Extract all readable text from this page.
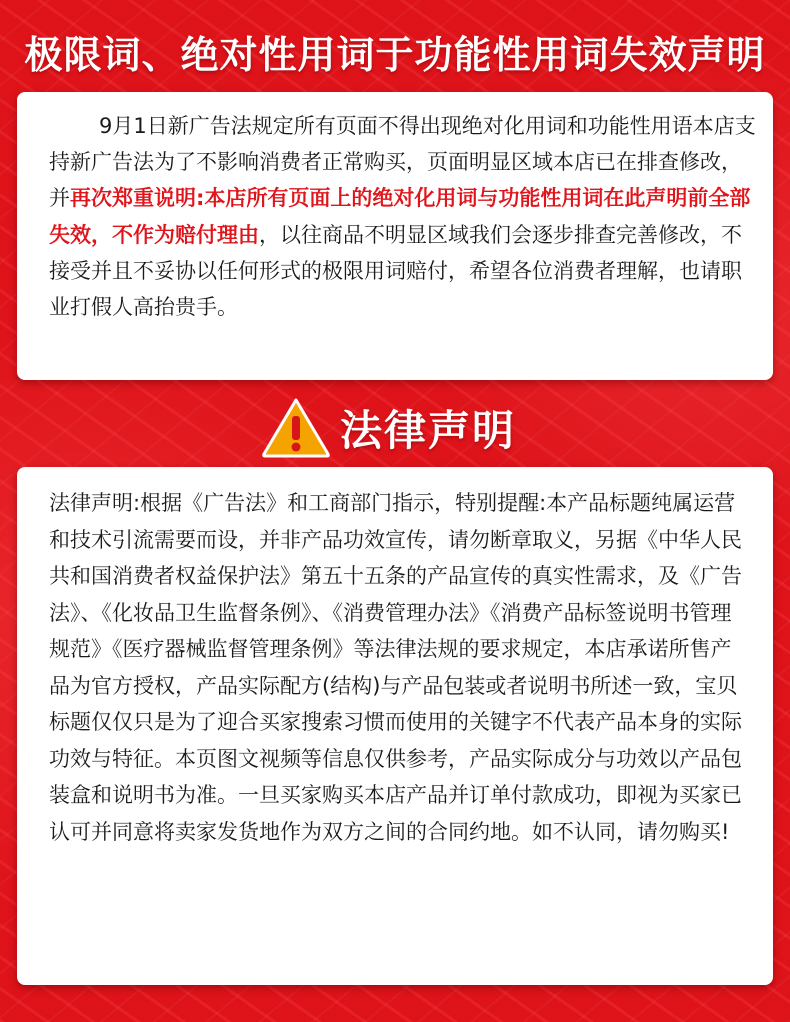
极限词、绝对性用词于功能性用词失效声明
9月1日新广告法规定所有页面不得出现绝对化用词和功能性用语本店支持新广告法为了不影响消费者正常购买，页面明显区域本店已在排查修改，并再次郑重说明:本店所有页面上的绝对化用词与功能性用词在此声明前全部失效，不作为赔付理由，以往商品不明显区域我们会逐步排查完善修改，不接受并且不妥协以任何形式的极限用词赔付，希望各位消费者理解，也请职业打假人高抬贵手。
法律声明
法律声明:根据《广告法》和工商部门指示，特别提醒:本产品标题纯属运营和技术引流需要而设，并非产品功效宣传，请勿断章取义，另据《中华人民共和国消费者权益保护法》第五十五条的产品宣传的真实性需求，及《广告法》、《化妆品卫生监督条例》、《消费管理办法》《消费产品标签说明书管理规范》《医疗器械监督管理条例》等法律法规的要求规定，本店承诺所售产品为官方授权，产品实际配方(结构)与产品包装或者说明书所述一致，宝贝标题仅仅只是为了迎合买家搜索习惯而使用的关键字不代表产品本身的实际功效与特征。本页图文视频等信息仅供参考，产品实际成分与功效以产品包装盒和说明书为准。一旦买家购买本店产品并订单付款成功，即视为买家已认可并同意将卖家发货地作为双方之间的合同约地。如不认同，请勿购买!
